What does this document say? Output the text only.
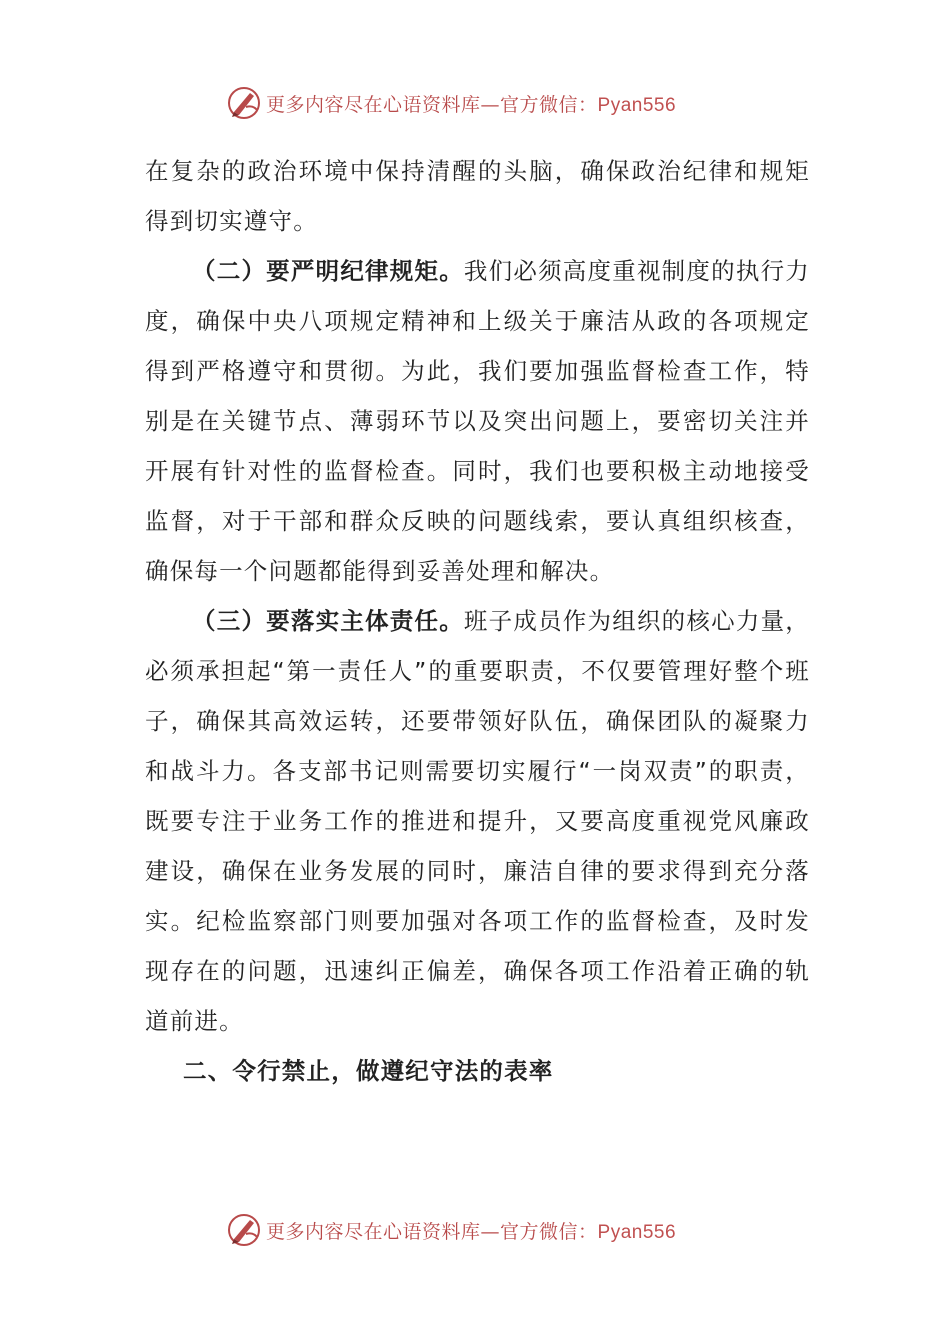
更多内容尽在心语资料库—官方微信：Pyan556

在复杂的政治环境中保持清醒的头脑，确保政治纪律和规矩得到切实遵守。

（二）要严明纪律规矩。我们必须高度重视制度的执行力度，确保中央八项规定精神和上级关于廉洁从政的各项规定得到严格遵守和贯彻。为此，我们要加强监督检查工作，特别是在关键节点、薄弱环节以及突出问题上，要密切关注并开展有针对性的监督检查。同时，我们也要积极主动地接受监督，对于干部和群众反映的问题线索，要认真组织核查，确保每一个问题都能得到妥善处理和解决。

（三）要落实主体责任。班子成员作为组织的核心力量，必须承担起“第一责任人”的重要职责，不仅要管理好整个班子，确保其高效运转，还要带领好队伍，确保团队的凝聚力和战斗力。各支部书记则需要切实履行“一岗双责”的职责，既要专注于业务工作的推进和提升，又要高度重视党风廉政建设，确保在业务发展的同时，廉洁自律的要求得到充分落实。纪检监察部门则要加强对各项工作的监督检查，及时发现存在的问题，迅速纠正偏差，确保各项工作沿着正确的轨道前进。

二、令行禁止，做遵纪守法的表率

更多内容尽在心语资料库—官方微信：Pyan556
